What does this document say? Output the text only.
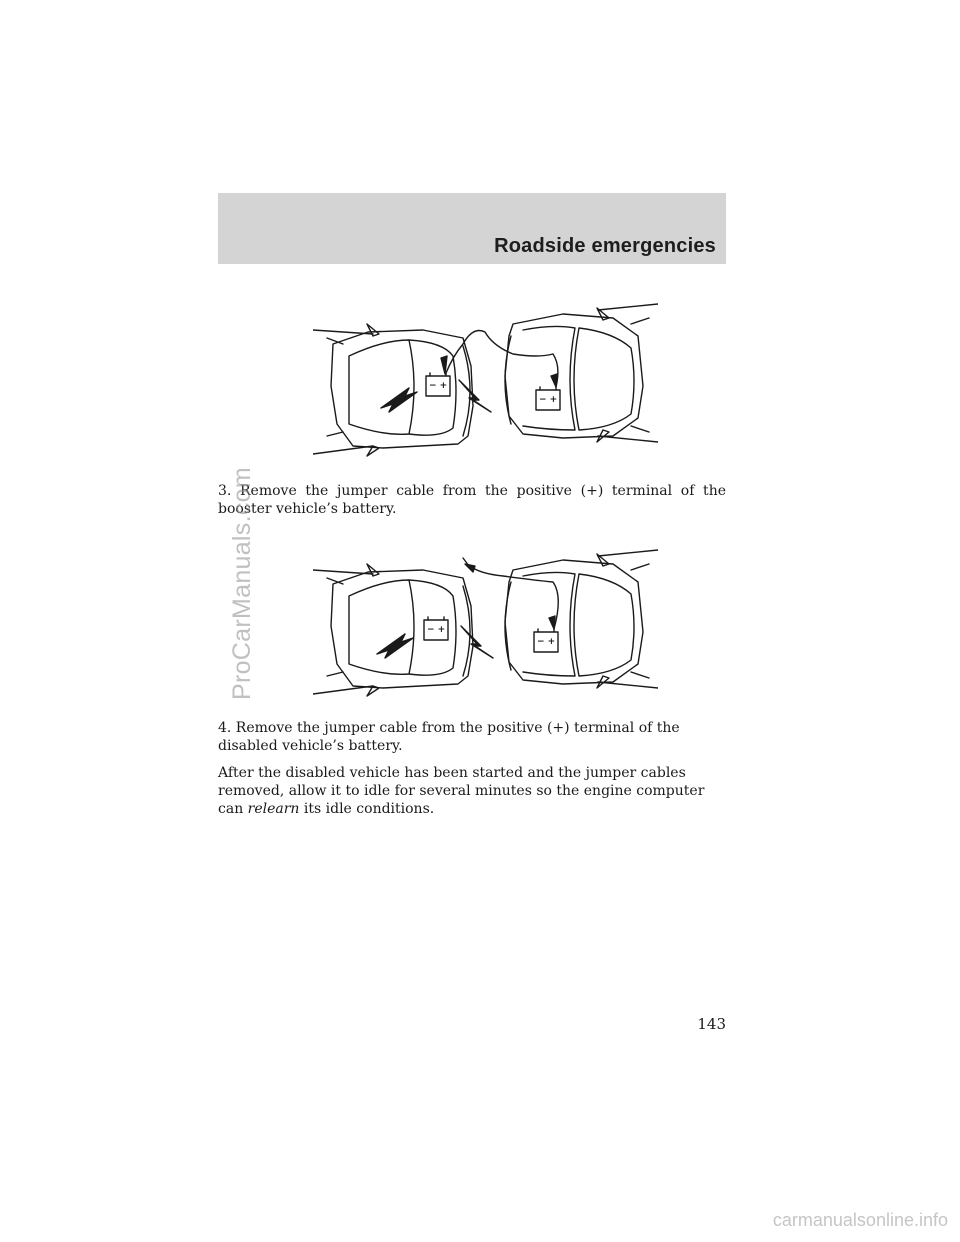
Roadside emergencies
− +
− +

3. Remove the jumper cable from the positive (+) terminal of the booster vehicle’s battery.

− +
− +

4. Remove the jumper cable from the positive (+) terminal of the disabled vehicle’s battery.

After the disabled vehicle has been started and the jumper cables removed, allow it to idle for several minutes so the engine computer can relearn its idle conditions.

143

ProCarManuals.com

carmanualsonline.info
